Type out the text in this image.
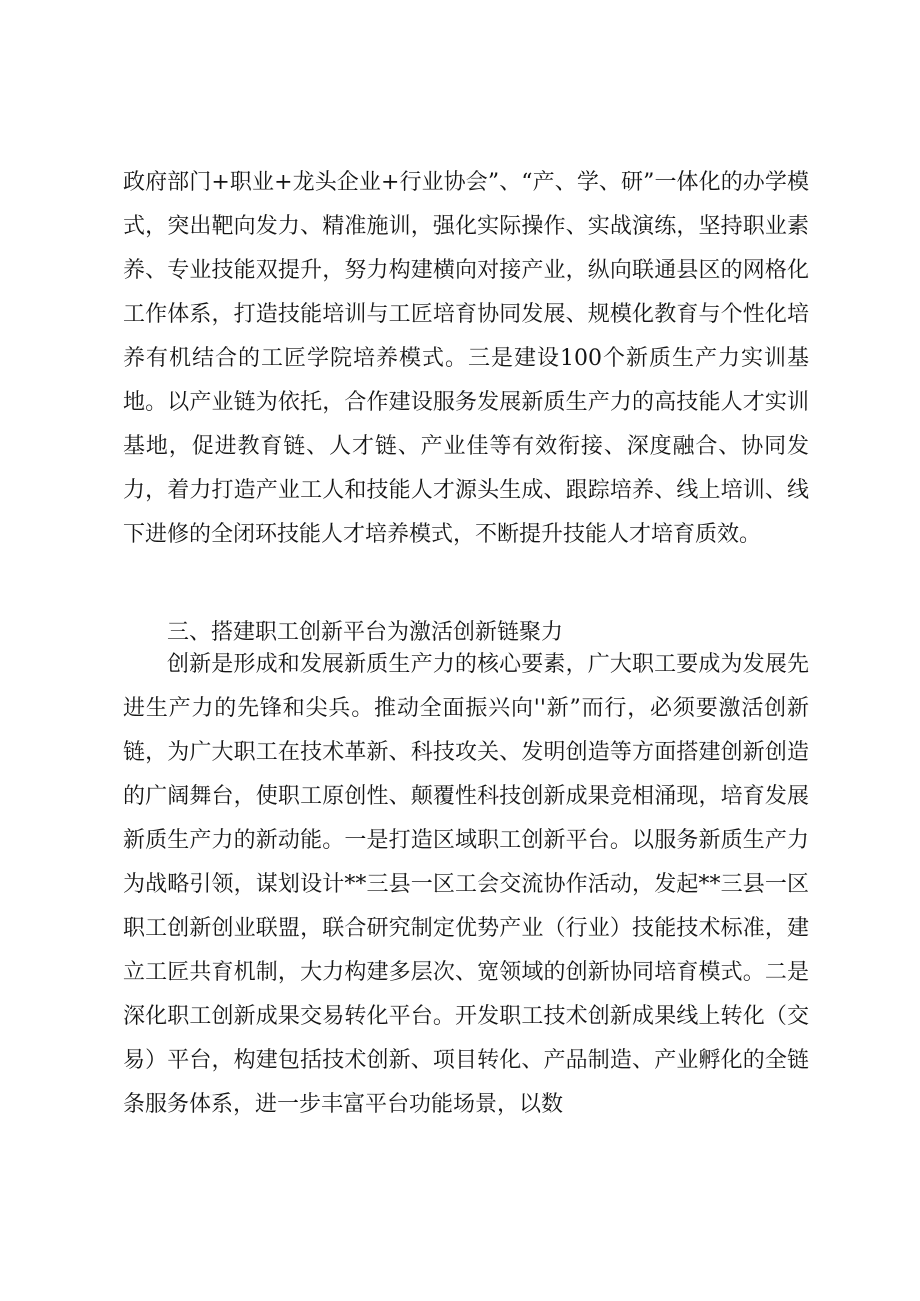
政府部门+职业+龙头企业+行业协会”、“产、学、研”一体化的办学模式，突出靶向发力、精准施训，强化实际操作、实战演练，坚持职业素养、专业技能双提升，努力构建横向对接产业，纵向联通县区的网格化工作体系，打造技能培训与工匠培育协同发展、规模化教育与个性化培养有机结合的工匠学院培养模式。三是建设100个新质生产力实训基地。以产业链为依托，合作建设服务发展新质生产力的高技能人才实训基地，促进教育链、人才链、产业佳等有效衔接、深度融合、协同发力，着力打造产业工人和技能人才源头生成、跟踪培养、线上培训、线下进修的全闭环技能人才培养模式，不断提升技能人才培育质效。

三、搭建职工创新平台为激活创新链聚力

创新是形成和发展新质生产力的核心要素，广大职工要成为发展先进生产力的先锋和尖兵。推动全面振兴向''新”而行，必须要激活创新链，为广大职工在技术革新、科技攻关、发明创造等方面搭建创新创造的广阔舞台，使职工原创性、颠覆性科技创新成果竞相涌现，培育发展新质生产力的新动能。一是打造区域职工创新平台。以服务新质生产力为战略引领，谋划设计**三县一区工会交流协作活动，发起**三县一区职工创新创业联盟，联合研究制定优势产业（行业）技能技术标准，建立工匠共育机制，大力构建多层次、宽领域的创新协同培育模式。二是深化职工创新成果交易转化平台。开发职工技术创新成果线上转化（交易）平台，构建包括技术创新、项目转化、产品制造、产业孵化的全链条服务体系，进一步丰富平台功能场景，以数
